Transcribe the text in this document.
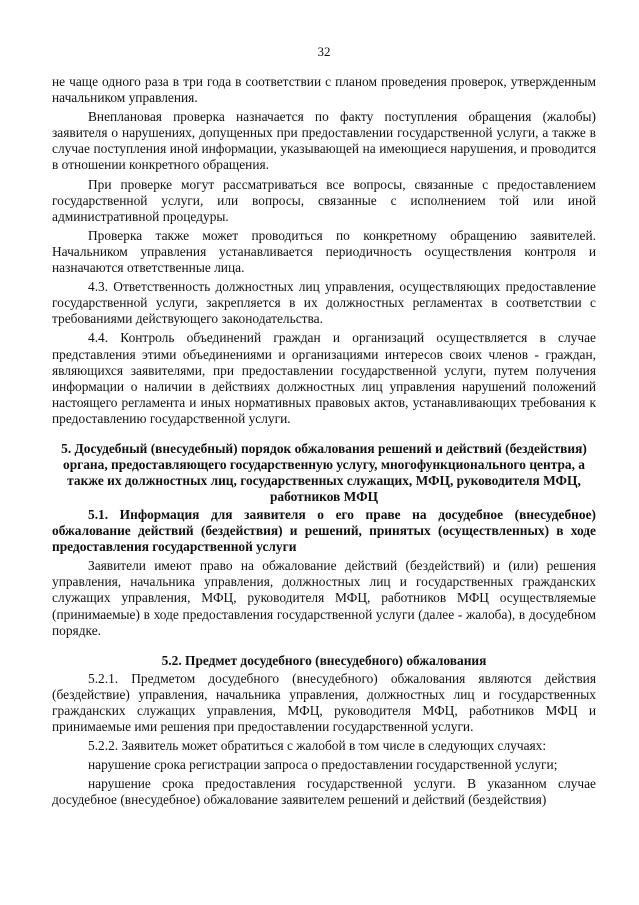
32

не чаще одного раза в три года в соответствии с планом проведения проверок, утвержденным начальником управления.

Внеплановая проверка назначается по факту поступления обращения (жалобы) заявителя о нарушениях, допущенных при предоставлении государственной услуги, а также в случае поступления иной информации, указывающей на имеющиеся нарушения, и проводится в отношении конкретного обращения.

При проверке могут рассматриваться все вопросы, связанные с предоставлением государственной услуги, или вопросы, связанные с исполнением той или иной административной процедуры.

Проверка также может проводиться по конкретному обращению заявителей. Начальником управления устанавливается периодичность осуществления контроля и назначаются ответственные лица.

4.3. Ответственность должностных лиц управления, осуществляющих предоставление государственной услуги, закрепляется в их должностных регламентах в соответствии с требованиями действующего законодательства.

4.4. Контроль объединений граждан и организаций осуществляется в случае представления этими объединениями и организациями интересов своих членов - граждан, являющихся заявителями, при предоставлении государственной услуги, путем получения информации о наличии в действиях должностных лиц управления нарушений положений настоящего регламента и иных нормативных правовых актов, устанавливающих требования к предоставлению государственной услуги.

5. Досудебный (внесудебный) порядок обжалования решений и действий (бездействия) органа, предоставляющего государственную услугу, многофункционального центра, а также их должностных лиц, государственных служащих, МФЦ, руководителя МФЦ, работников МФЦ

5.1. Информация для заявителя о его праве на досудебное (внесудебное) обжалование действий (бездействия) и решений, принятых (осуществленных) в ходе предоставления государственной услуги

Заявители имеют право на обжалование действий (бездействий) и (или) решения управления, начальника управления, должностных лиц и государственных гражданских служащих управления, МФЦ, руководителя МФЦ, работников МФЦ осуществляемые (принимаемые) в ходе предоставления государственной услуги (далее - жалоба), в досудебном порядке.

5.2. Предмет досудебного (внесудебного) обжалования

5.2.1. Предметом досудебного (внесудебного) обжалования являются действия (бездействие) управления, начальника управления, должностных лиц и государственных гражданских служащих управления, МФЦ, руководителя МФЦ, работников МФЦ и принимаемые ими решения при предоставлении государственной услуги.

5.2.2. Заявитель может обратиться с жалобой в том числе в следующих случаях:

нарушение срока регистрации запроса о предоставлении государственной услуги;

нарушение срока предоставления государственной услуги. В указанном случае досудебное (внесудебное) обжалование заявителем решений и действий (бездействия)
